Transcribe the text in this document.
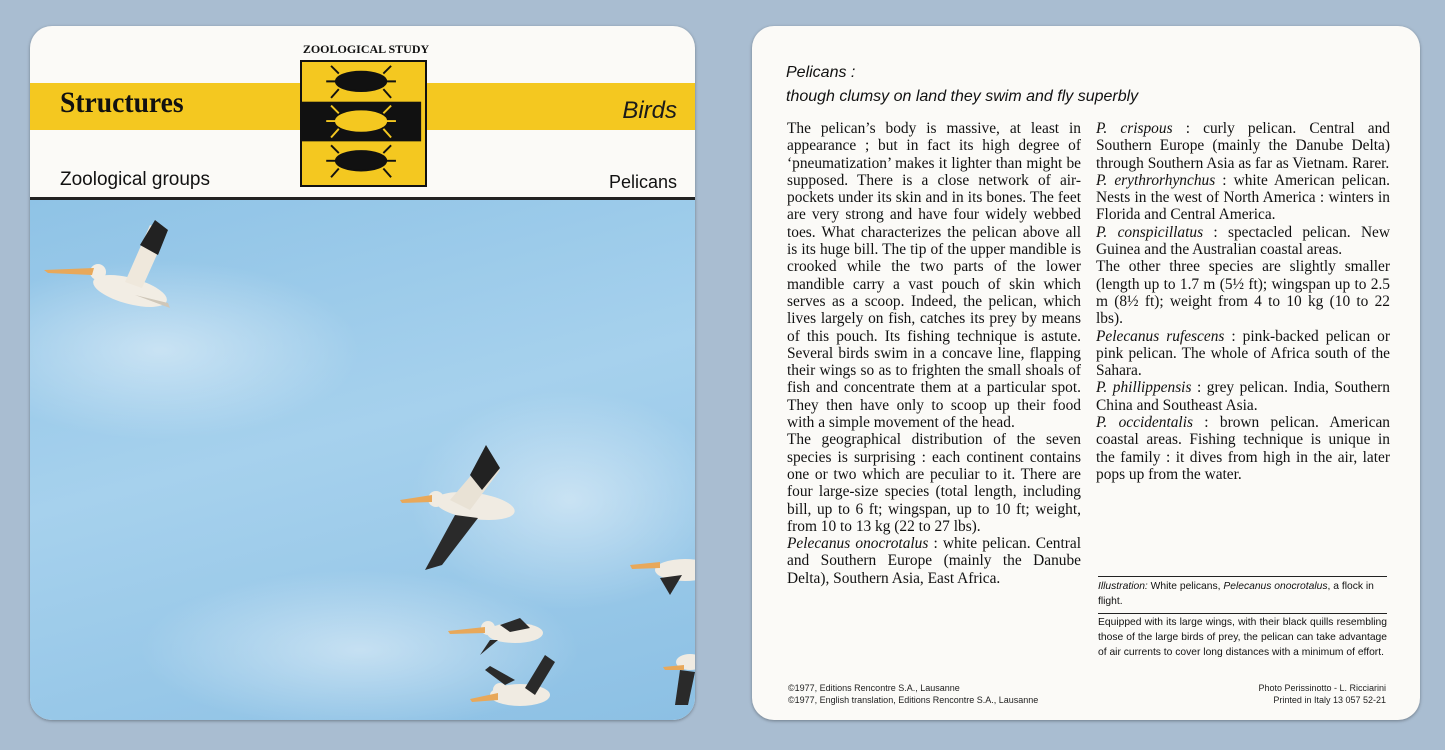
Structures	Birds
Zoological groups	Pelicans
ZOOLOGICAL STUDY
Pelicans :
though clumsy on land they swim and fly superbly

The pelican’s body is massive, at least in appearance ; but in fact its high degree of ‘pneumatization’ makes it lighter than might be supposed. There is a close network of air-pockets under its skin and in its bones. The feet are very strong and have four widely webbed toes. What characterizes the pelican above all is its huge bill. The tip of the upper mandible is crooked while the two parts of the lower mandible carry a vast pouch of skin which serves as a scoop. Indeed, the pelican, which lives largely on fish, catches its prey by means of this pouch. Its fishing technique is astute. Several birds swim in a concave line, flapping their wings so as to frighten the small shoals of fish and concentrate them at a particular spot. They then have only to scoop up their food with a simple movement of the head.

The geographical distribution of the seven species is surprising : each continent contains one or two which are peculiar to it. There are four large-size species (total length, including bill, up to 6 ft; wingspan, up to 10 ft; weight, from 10 to 13 kg (22 to 27 lbs).

Pelecanus onocrotalus : white pelican. Central and Southern Europe (mainly the Danube Delta), Southern Asia, East Africa.

P. crispous : curly pelican. Central and Southern Europe (mainly the Danube Delta) through Southern Asia as far as Vietnam. Rarer.

P. erythrorhynchus : white American pelican. Nests in the west of North America : winters in Florida and Central America.

P. conspicillatus : spectacled pelican. New Guinea and the Australian coastal areas.

The other three species are slightly smaller (length up to 1.7 m (5½ ft); wingspan up to 2.5 m (8½ ft); weight from 4 to 10 kg (10 to 22 lbs).

Pelecanus rufescens : pink-backed pelican or pink pelican. The whole of Africa south of the Sahara.

P. phillippensis : grey pelican. India, Southern China and Southeast Asia.

P. occidentalis : brown pelican. American coastal areas. Fishing technique is unique in the family : it dives from high in the air, later pops up from the water.

Illustration: White pelicans, Pelecanus onocrotalus, a flock in flight.
Equipped with its large wings, with their black quills resembling those of the large birds of prey, the pelican can take advantage of air currents to cover long distances with a minimum of effort.
©1977, Editions Rencontre S.A., Lausanne
©1977, English translation, Editions Rencontre S.A., Lausanne
Photo Perissinotto - L. Ricciarini
Printed in Italy 13 057 52-21
